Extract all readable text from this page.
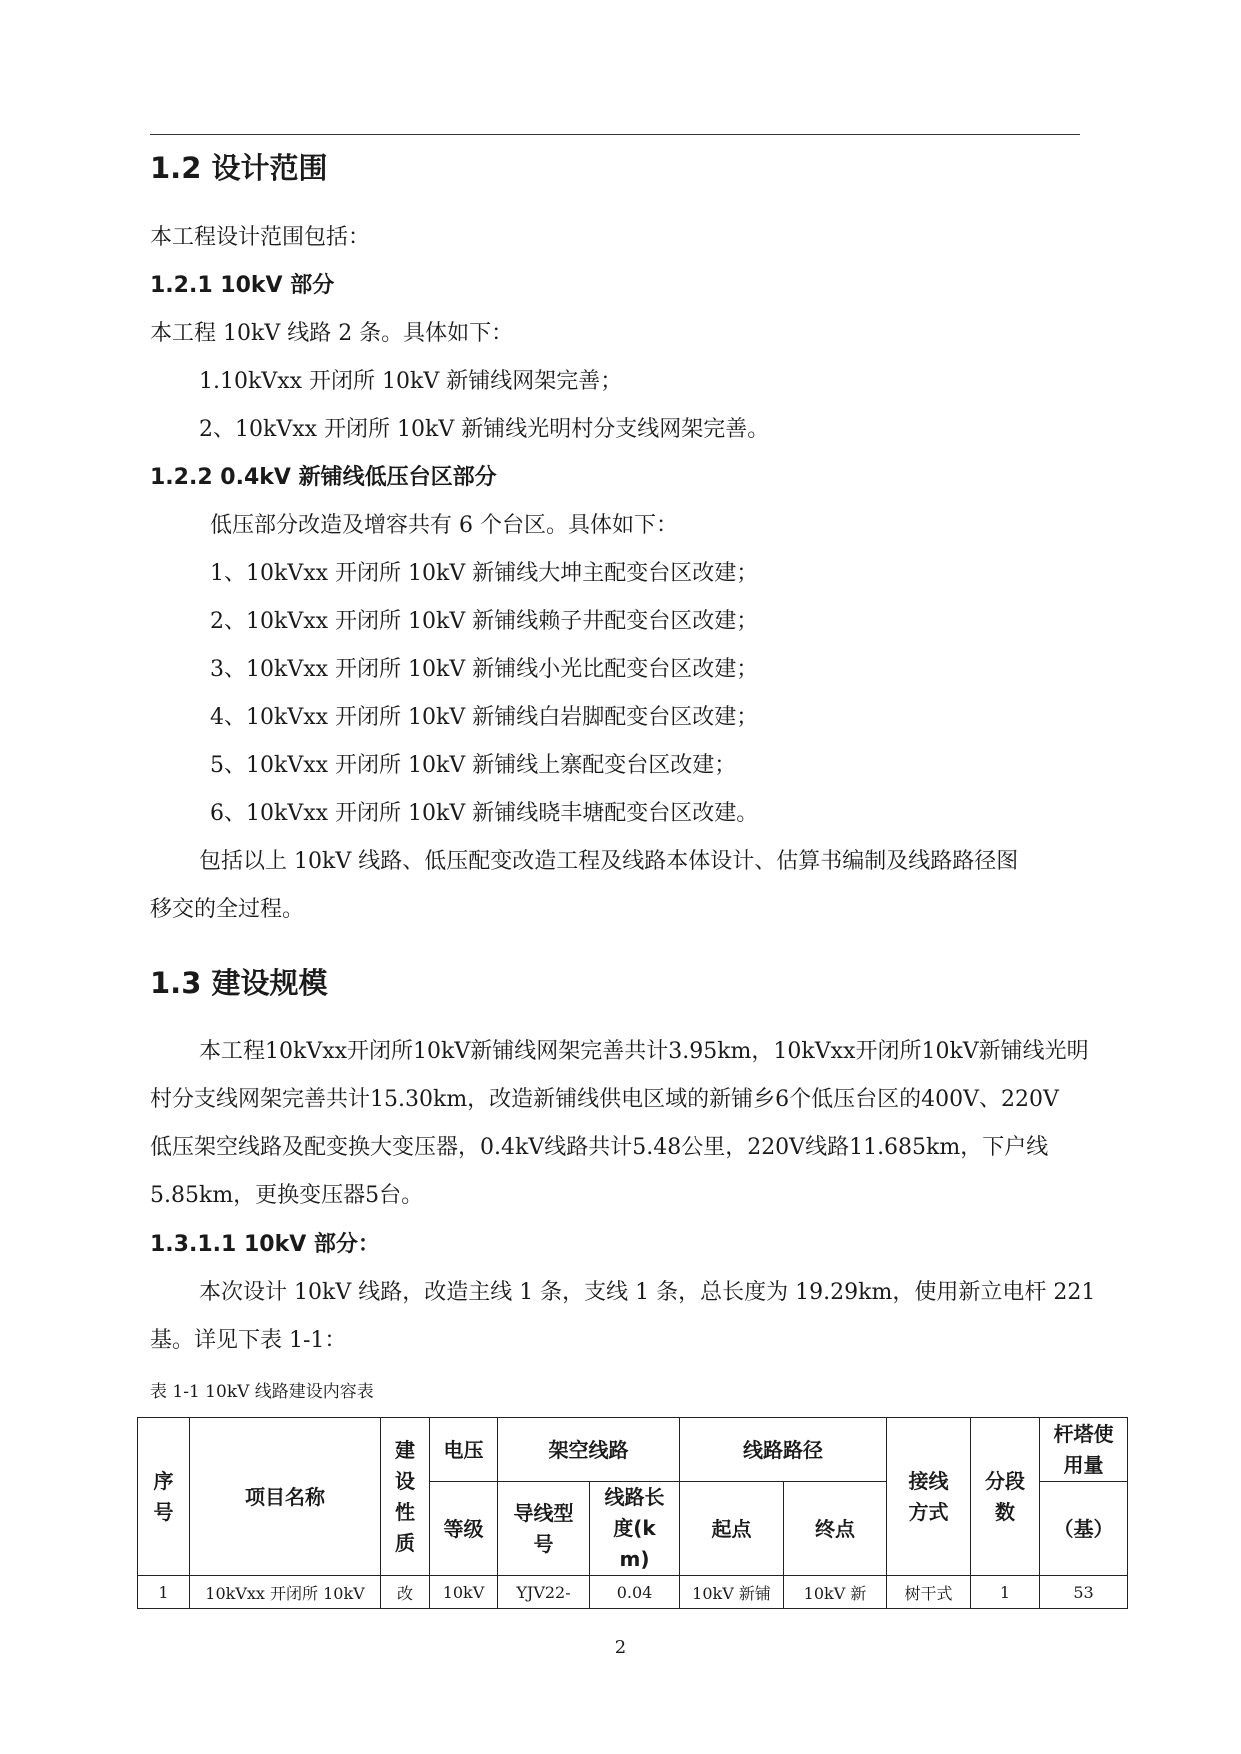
1.2 设计范围
本工程设计范围包括：
1.2.1 10kV 部分
本工程 10kV 线路 2 条。具体如下：
1.10kVxx 开闭所 10kV 新铺线网架完善；
2、10kVxx 开闭所 10kV 新铺线光明村分支线网架完善。
1.2.2 0.4kV 新铺线低压台区部分
低压部分改造及增容共有 6 个台区。具体如下：
1、10kVxx 开闭所 10kV 新铺线大坤主配变台区改建；
2、10kVxx 开闭所 10kV 新铺线赖子井配变台区改建；
3、10kVxx 开闭所 10kV 新铺线小光比配变台区改建；
4、10kVxx 开闭所 10kV 新铺线白岩脚配变台区改建；
5、10kVxx 开闭所 10kV 新铺线上寨配变台区改建；
6、10kVxx 开闭所 10kV 新铺线晓丰塘配变台区改建。
包括以上 10kV 线路、低压配变改造工程及线路本体设计、估算书编制及线路路径图
移交的全过程。
1.3 建设规模
本工程10kVxx开闭所10kV新铺线网架完善共计3.95km，10kVxx开闭所10kV新铺线光明
村分支线网架完善共计15.30km，改造新铺线供电区域的新铺乡6个低压台区的400V、220V
低压架空线路及配变换大变压器，0.4kV线路共计5.48公里，220V线路11.685km，下户线
5.85km，更换变压器5台。
1.3.1.1 10kV 部分：
本次设计 10kV 线路，改造主线 1 条，支线 1 条，总长度为 19.29km，使用新立电杆 221
基。详见下表 1-1：
表 1-1 10kV 线路建设内容表
序号	项目名称	建设性质	电压	架空线路		线路路径		接线方式	分段数	杆塔使用量
			等级	导线型号	线路长度(km)	起点	终点			（基）
1	10kVxx 开闭所 10kV	改	10kV	YJV22-	0.04	10kV 新铺	10kV 新	树干式	1	53
2
